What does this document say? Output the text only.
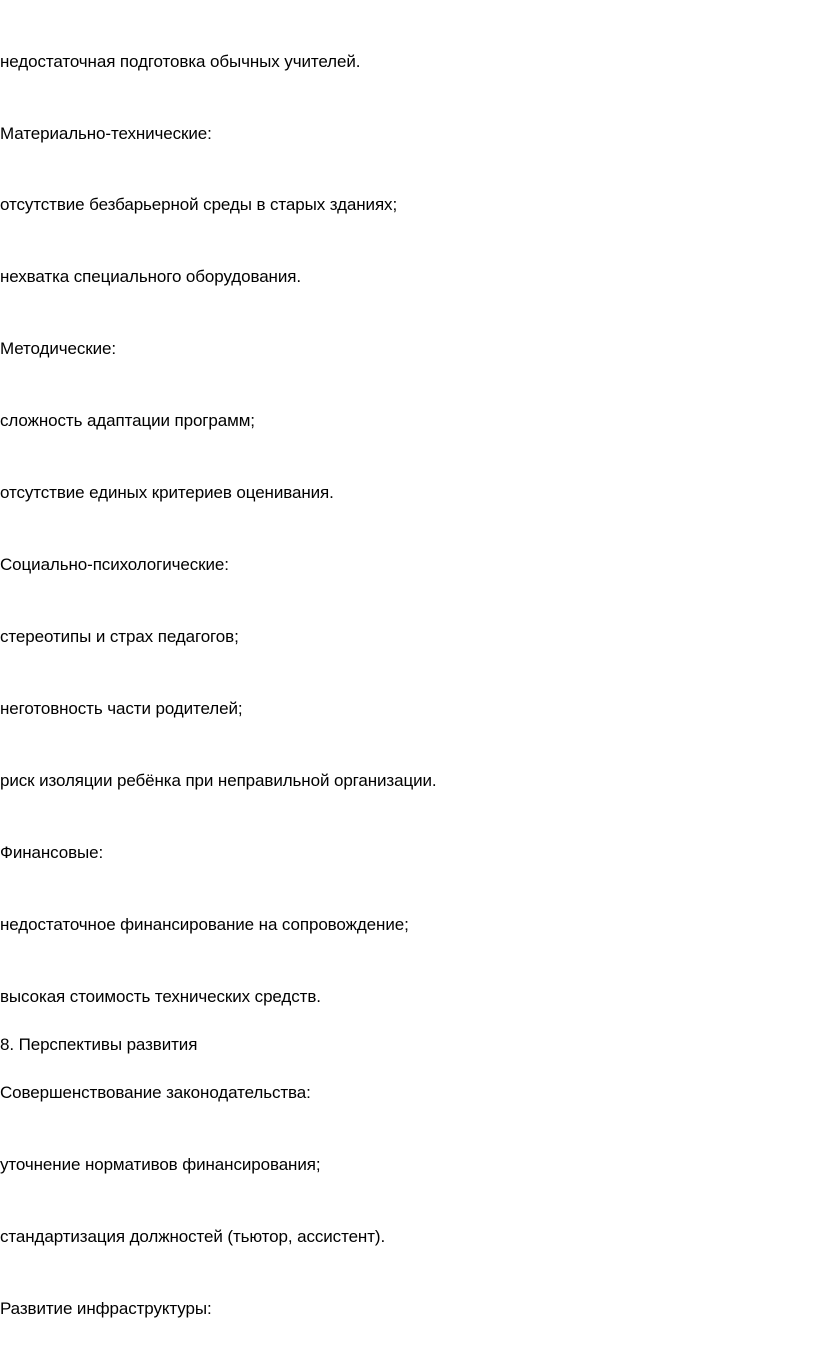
недостаточная подготовка обычных учителей.

Материально-технические:

отсутствие безбарьерной среды в старых зданиях;

нехватка специального оборудования.

Методические:

сложность адаптации программ;

отсутствие единых критериев оценивания.

Социально-психологические:

стереотипы и страх педагогов;

неготовность части родителей;

риск изоляции ребёнка при неправильной организации.

Финансовые:

недостаточное финансирование на сопровождение;

высокая стоимость технических средств.

8. Перспективы развития

Совершенствование законодательства:

уточнение нормативов финансирования;

стандартизация должностей (тьютор, ассистент).

Развитие инфраструктуры:
